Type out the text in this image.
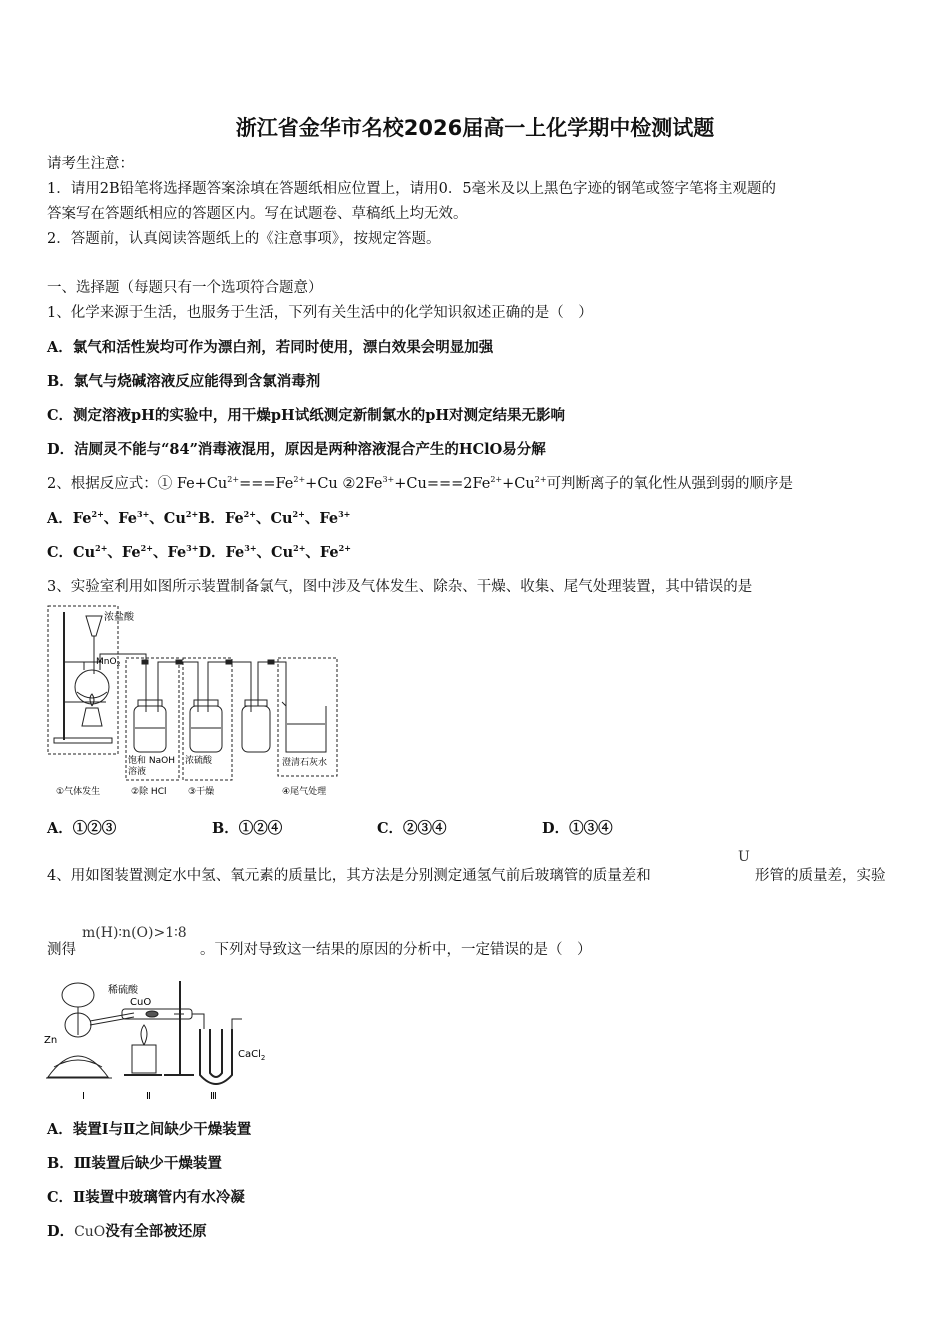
浙江省金华市名校2026届高一上化学期中检测试题
请考生注意：
1．请用2B铅笔将选择题答案涂填在答题纸相应位置上，请用0．5毫米及以上黑色字迹的钢笔或签字笔将主观题的
答案写在答题纸相应的答题区内。写在试题卷、草稿纸上均无效。
2．答题前，认真阅读答题纸上的《注意事项》，按规定答题。
一、选择题（每题只有一个选项符合题意）
1、化学来源于生活，也服务于生活，下列有关生活中的化学知识叙述正确的是（　）
A．氯气和活性炭均可作为漂白剂，若同时使用，漂白效果会明显加强
B．氯气与烧碱溶液反应能得到含氯消毒剂
C．测定溶液pH的实验中，用干燥pH试纸测定新制氯水的pH对测定结果无影响
D．洁厕灵不能与“84”消毒液混用，原因是两种溶液混合产生的HClO易分解
2、根据反应式：① $Fe+Cu^{2+}===Fe^{2+}+Cu$ $②2Fe^{3+}+Cu===2Fe^{2+}+Cu^{2+}$可判断离子的氧化性从强到弱的顺序是
A．$Fe^{2+}$、$Fe^{3+}$、$Cu^{2+}B$．$Fe^{2+}$、$Cu^{2+}$、$Fe^{3+}$
C．$Cu^{2+}$、$Fe^{2+}$、$Fe^{3+}D$．$Fe^{3+}$、$Cu^{2+}$、$Fe^{2+}$
3、实验室利用如图所示装置制备氯气，图中涉及气体发生、除杂、干燥、收集、尾气处理装置，其中错误的是
浓盐酸
MnO$_2$
饱和 NaOH
溶液
浓硫酸	澄清石灰水
①气体发生	②除 HCl ③干燥	④尾气处理
A．①②③	B．①②④	C．②③④	D．①③④
4、用如图装置测定水中氢、氧元素的质量比，其方法是分别测定通氢气前后玻璃管的质量差和
U
形管的质量差，实验
测得
m(H)∶n(O)>1∶8
。下列对导致这一结果的原因的分析中，一定错误的是（　）
稀硫酸
CuO
Zn
CaCl$_2$
Ⅰ	Ⅱ	Ⅲ
A．装置Ⅰ与Ⅱ之间缺少干燥装置
B．Ⅲ装置后缺少干燥装置
C．Ⅱ装置中玻璃管内有水冷凝
D．CuO没有全部被还原
